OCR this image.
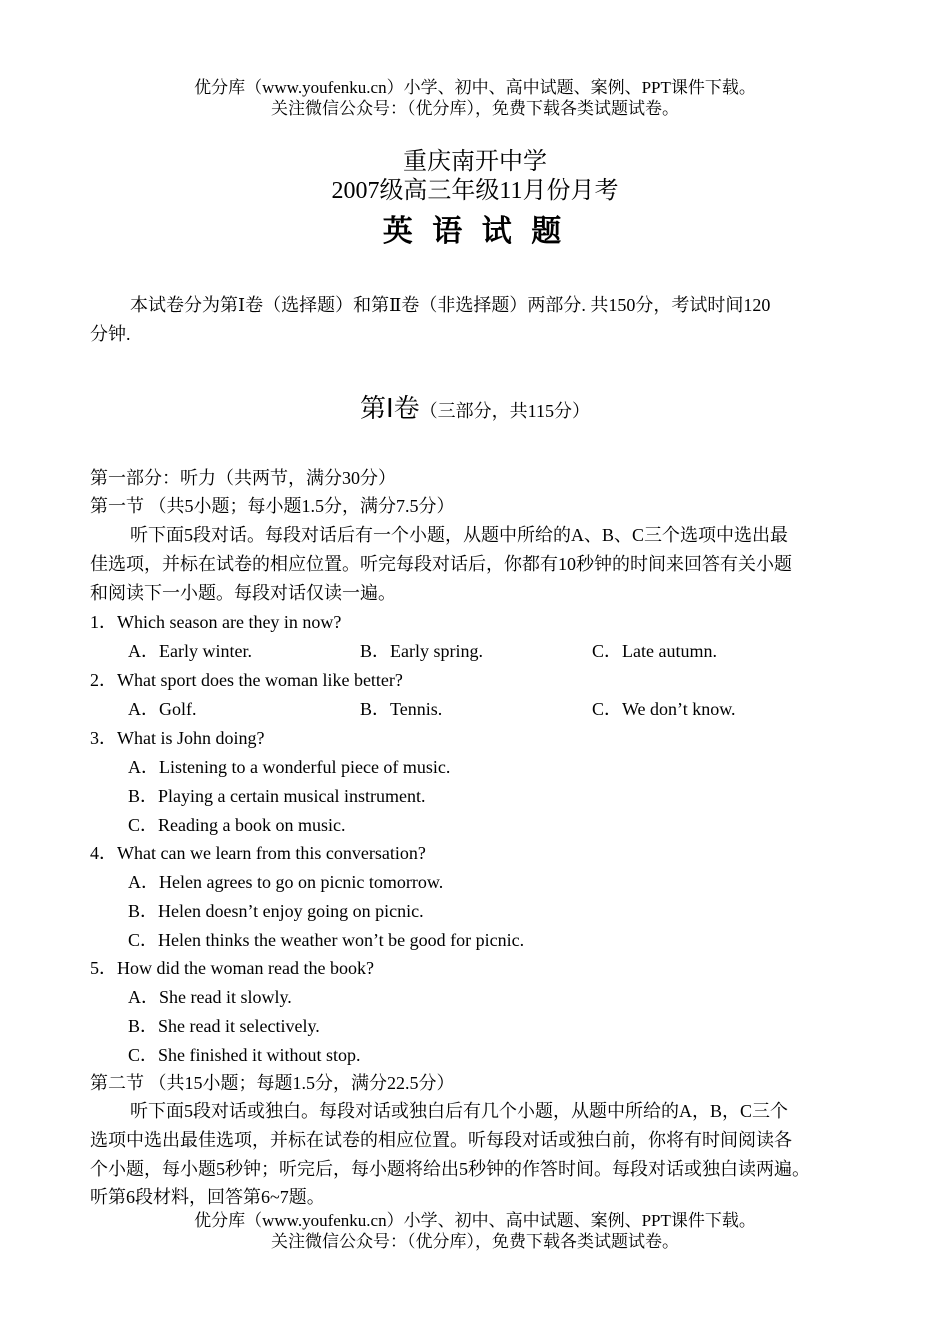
优分库（www.youfenku.cn）小学、初中、高中试题、案例、PPT课件下载。
关注微信公众号：（优分库），免费下载各类试题试卷。
重庆南开中学
2007级高三年级11月份月考
英 语 试 题
本试卷分为第Ⅰ卷（选择题）和第Ⅱ卷（非选择题）两部分. 共150分，考试时间120
分钟.
第Ⅰ卷（三部分，共115分）
第一部分：听力（共两节，满分30分）
第一节 （共5小题；每小题1.5分，满分7.5分）
听下面5段对话。每段对话后有一个小题，从题中所给的A、B、C三个选项中选出最
佳选项，并标在试卷的相应位置。听完每段对话后，你都有10秒钟的时间来回答有关小题
和阅读下一小题。每段对话仅读一遍。
1．Which season are they in now?
A．Early winter.	B．Early spring.	C．Late autumn.
2．What sport does the woman like better?
A．Golf.	B．Tennis.	C．We don’t know.
3．What is John doing?
A．Listening to a wonderful piece of music.
B．Playing a certain musical instrument.
C．Reading a book on music.
4．What can we learn from this conversation?
A．Helen agrees to go on picnic tomorrow.
B．Helen doesn’t enjoy going on picnic.
C．Helen thinks the weather won’t be good for picnic.
5．How did the woman read the book?
A．She read it slowly.
B．She read it selectively.
C．She finished it without stop.
第二节 （共15小题；每题1.5分，满分22.5分）
听下面5段对话或独白。每段对话或独白后有几个小题，从题中所给的A，B，C三个
选项中选出最佳选项，并标在试卷的相应位置。听每段对话或独白前，你将有时间阅读各
个小题，每小题5秒钟；听完后，每小题将给出5秒钟的作答时间。每段对话或独白读两遍。
听第6段材料，回答第6~7题。
优分库（www.youfenku.cn）小学、初中、高中试题、案例、PPT课件下载。
关注微信公众号：（优分库），免费下载各类试题试卷。
